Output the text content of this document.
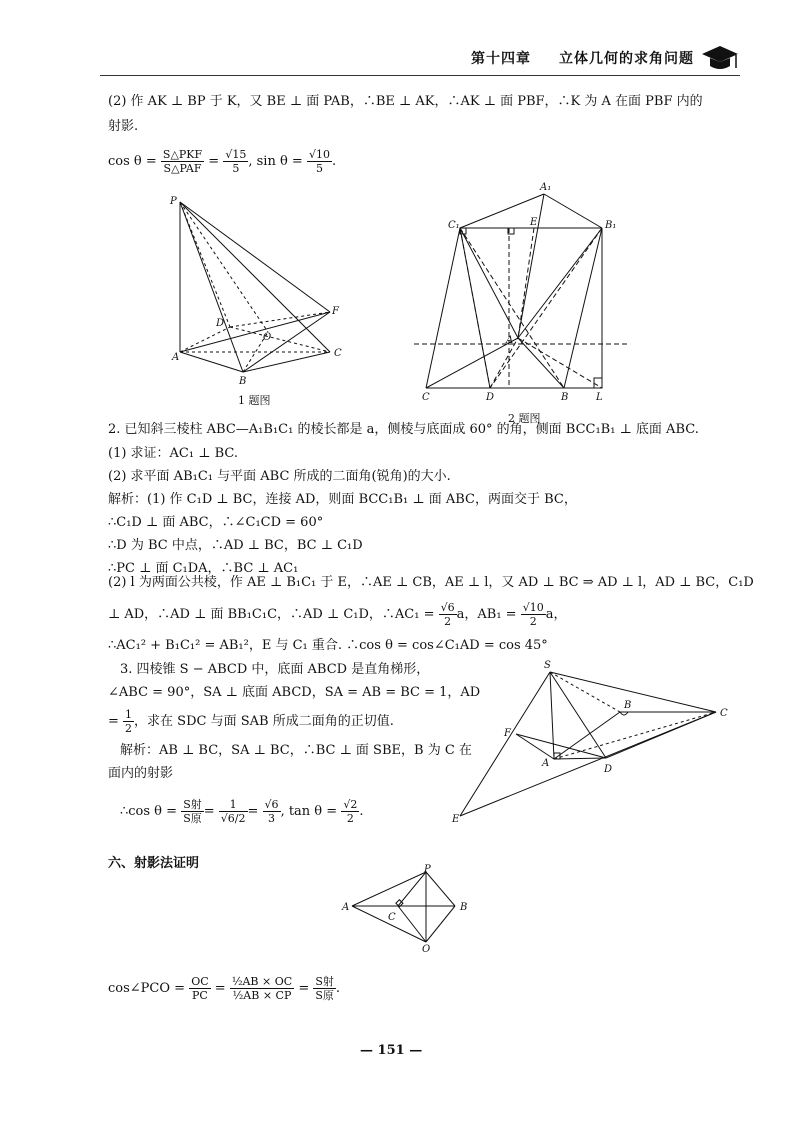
第十四章 立体几何的求角问题
(2) 作 AK ⊥ BP 于 K，又 BE ⊥ 面 PAB，∴BE ⊥ AK，∴AK ⊥ 面 PBF，∴K 为 A 在面 PBF 内的
射影.
$\cos \theta = \frac{\text{S△PKF}}{\text{S△PAF}} = \frac{√15}{5}$ , $\sin \theta = \frac{√10}{5}$ .
P
A
B
C
D
O
F
1 题图
A₁
C₁	B₁
E
A
C	D	B	L
2 题图
2. 已知斜三棱柱 ABC—A₁B₁C₁ 的棱长都是 a，侧棱与底面成 60° 的角，侧面 BCC₁B₁ ⊥ 底面 ABC.
(1) 求证：AC₁ ⊥ BC.
(2) 求平面 AB₁C₁ 与平面 ABC 所成的二面角(锐角)的大小.
解析：(1) 作 C₁D ⊥ BC，连接 AD，则面 BCC₁B₁ ⊥ 面 ABC，两面交于 BC，
∴C₁D ⊥ 面 ABC，∴∠C₁CD = 60°
∴D 为 BC 中点，∴AD ⊥ BC，BC ⊥ C₁D
∴PC ⊥ 面 C₁DA，∴BC ⊥ AC₁
(2) l 为两面公共棱，作 AE ⊥ B₁C₁ 于 E，∴AE ⊥ CB，AE ⊥ l，又 AD ⊥ BC ⇒ AD ⊥ l，AD ⊥ BC，C₁D
⊥ AD，∴AD ⊥ 面 BB₁C₁C，∴AD ⊥ C₁D，∴AC₁ = $\frac{√6}{2}$ a，$AB_1 = \frac{√10}{2}$ a，
∴AC₁² + B₁C₁² = AB₁²，E 与 C₁ 重合. ∴cos θ = cos∠C₁AD = cos 45°
3. 四棱锥 S − ABCD 中，底面 ABCD 是直角梯形，
∠ABC = 90°，SA ⊥ 底面 ABCD，SA = AB = BC = 1，AD
= $\frac{1}{2}$ ，求在 SDC 与面 SAB 所成二面角的正切值.
解析：AB ⊥ BC，SA ⊥ BC，∴BC ⊥ 面 SBE，B 为 C 在
面内的射影
∴cos $\theta = \frac{\text{S射}}{\text{S原}} = \frac{1}{√6/2} = \frac{√6}{3}$ , $\tan \theta = \frac{√2}{2}$ .
S
B
C
F
A
D
E
六、射影法证明	P
A
C
B
O
cos∠PCO = $\frac{OC}{PC} = \frac{\text{½AB × OC}}{\text{½AB × CP}} = \frac{\text{S射}}{\text{S原}}$ .
— 151 —
